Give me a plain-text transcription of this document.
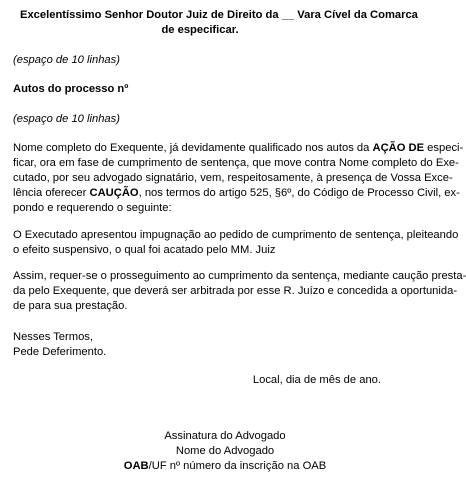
Excelentíssimo Senhor Doutor Juiz de Direito da __ Vara Cível da Comarca
de especificar.
(espaço de 10 linhas)
Autos do processo nº
(espaço de 10 linhas)
Nome completo do Exequente, já devidamente qualificado nos autos da AÇÃO DE especi-
ficar, ora em fase de cumprimento de sentença, que move contra Nome completo do Exe-
cutado, por seu advogado signatário, vem, respeitosamente, à presença de Vossa Exce-
lência oferecer CAUÇÃO, nos termos do artigo 525, §6º, do Código de Processo Civil, ex-
pondo e requerendo o seguinte:
O Executado apresentou impugnação ao pedido de cumprimento de sentença, pleiteando
o efeito suspensivo, o qual foi acatado pelo MM. Juiz
Assim, requer-se o prosseguimento ao cumprimento da sentença, mediante caução presta-
da pelo Exequente, que deverá ser arbitrada por esse R. Juízo e concedida a oportunida-
de para sua prestação.
Nesses Termos,
Pede Deferimento.
Local, dia de mês de ano.
Assinatura do Advogado
Nome do Advogado
OAB/UF nº número da inscrição na OAB
